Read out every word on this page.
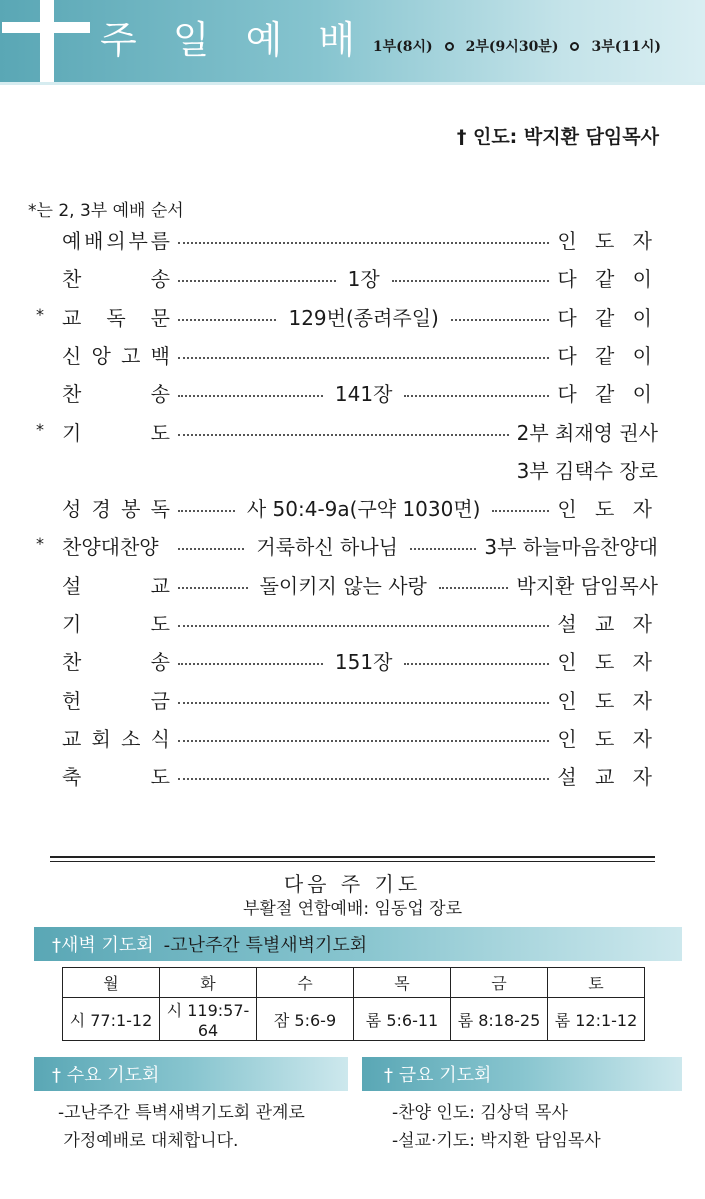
주 일 예 배 1부(8시) 2부(9시30분) 3부(11시)
† 인도: 박지환 담임목사
*는 2, 3부 예배 순서
예 배 의 부 름	인 도 자
찬	송	1장	다 같 이
* 교 독 문	129번(종려주일)	다 같 이
신 앙 고 백	다 같 이
찬	송	141장	다 같 이
* 기	도	2부 최재영 권사
3부 김택수 장로
성 경 봉 독	사 50:4-9a(구약 1030면)	인 도 자
* 찬양대찬양	거룩하신 하나님	3부 하늘마음찬양대
설	교	돌이키지 않는 사랑	박지환 담임목사
기	도	설 교 자
찬	송	151장	인 도 자
헌	금	인 도 자
교 회 소 식	인 도 자
축	도	설 교 자
다음 주 기도
부활절 연합예배: 임동업 장로
†새벽 기도회 -고난주간 특별새벽기도회
월	화	수	목	금	토
시 77:1-12	시 119:57-64	잠 5:6-9	롬 5:6-11	롬 8:18-25	롬 12:1-12
† 수요 기도회
-고난주간 특벽새벽기도회 관계로
가정예배로 대체합니다.
† 금요 기도회
-찬양 인도: 김상덕 목사
-설교·기도: 박지환 담임목사
